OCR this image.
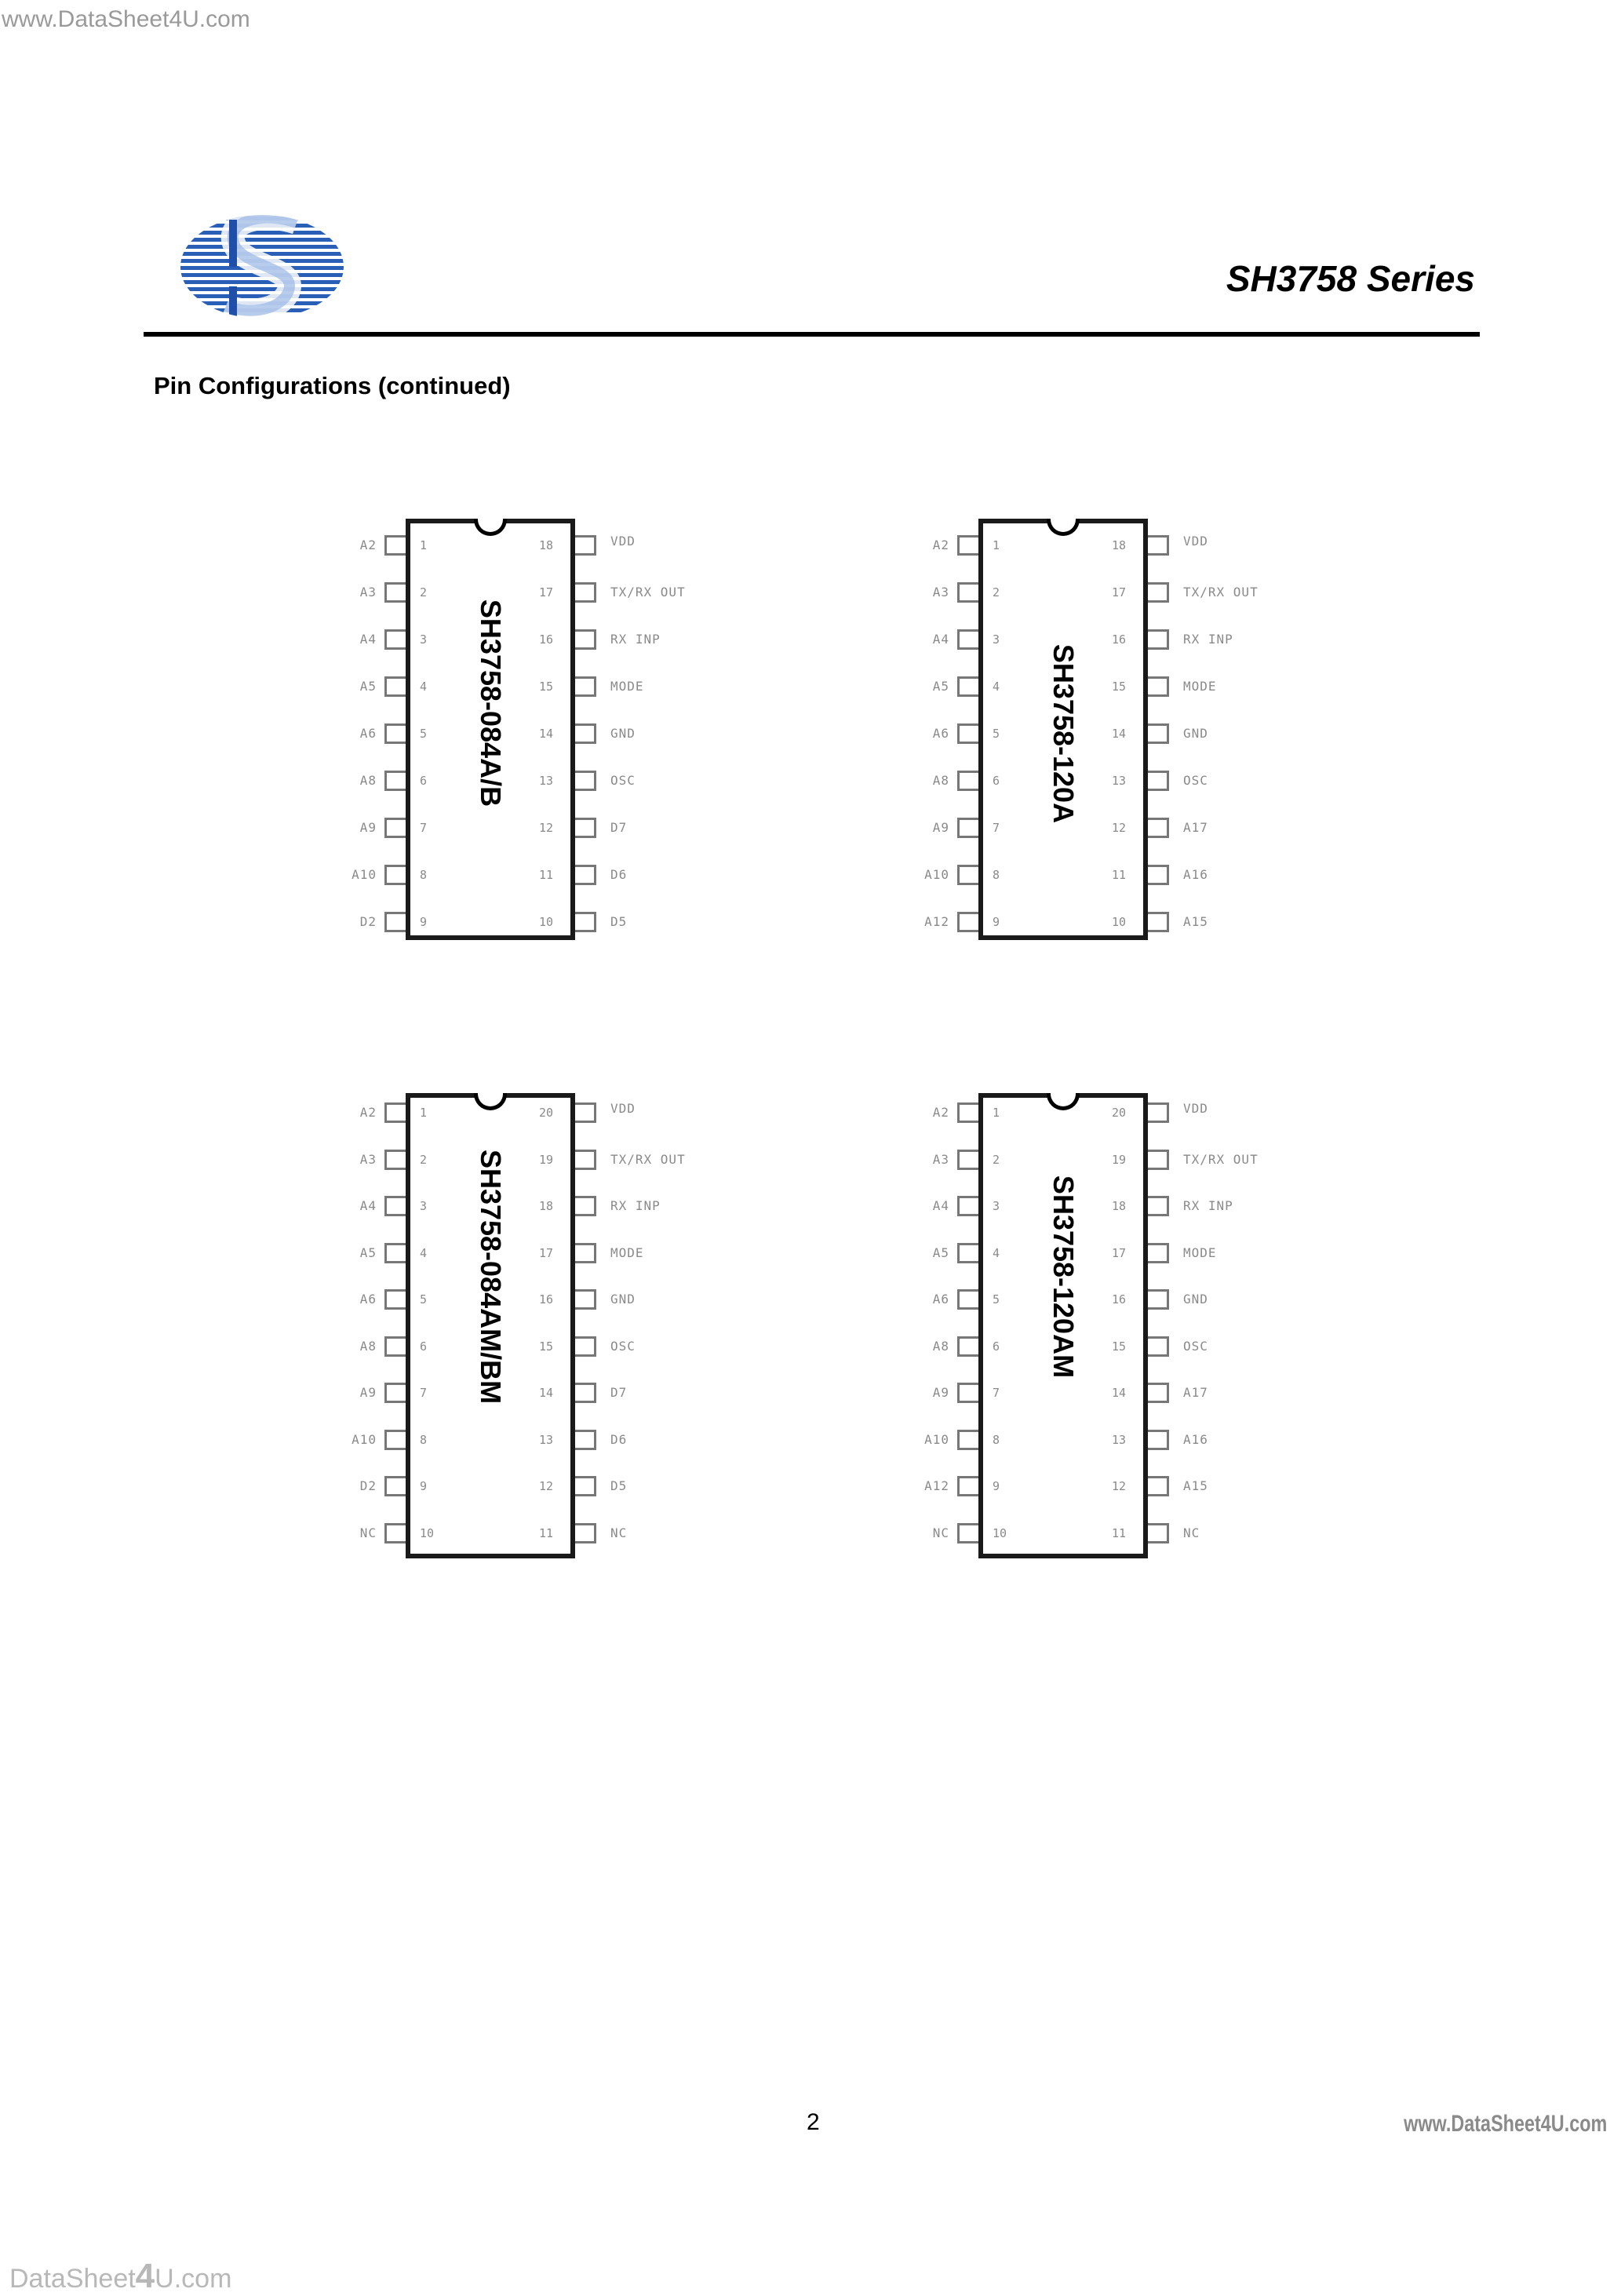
www.DataSheet4U.com
SH3758 Series
Pin Configurations (continued)
SH3758-084A/B
A2	1
A3	2
A4	3
A5	4
A6	5
A8	6
A9	7
A10	8
D2	9
VDD
18
TX/RX OUT
17
RX INP
16
MODE
15
GND
14
OSC
13
D7
12
D6
11
D5
10
SH3758-120A
A2	1
A3	2
A4	3
A5	4
A6	5
A8	6
A9	7
A10	8
A12	9
VDD
18
TX/RX OUT
17
RX INP
16
MODE
15
GND
14
OSC
13
A17
12
A16
11
A15
10
SH3758-084AM/BM
A2	1
A3	2
A4	3
A5	4
A6	5
A8	6
A9	7
A10	8
D2	9
NC	10
VDD
20
TX/RX OUT
19
RX INP
18
MODE
17
GND
16
OSC
15
D7
14
D6
13
D5
12
NC
11
SH3758-120AM
A2	1
A3	2
A4	3
A5	4
A6	5
A8	6
A9	7
A10	8
A12	9
NC	10
VDD
20
TX/RX OUT
19
RX INP
18
MODE
17
GND
16
OSC
15
A17
14
A16
13
A15
12
NC
11
2	www.DataSheet4U.com
DataSheet4U.com
